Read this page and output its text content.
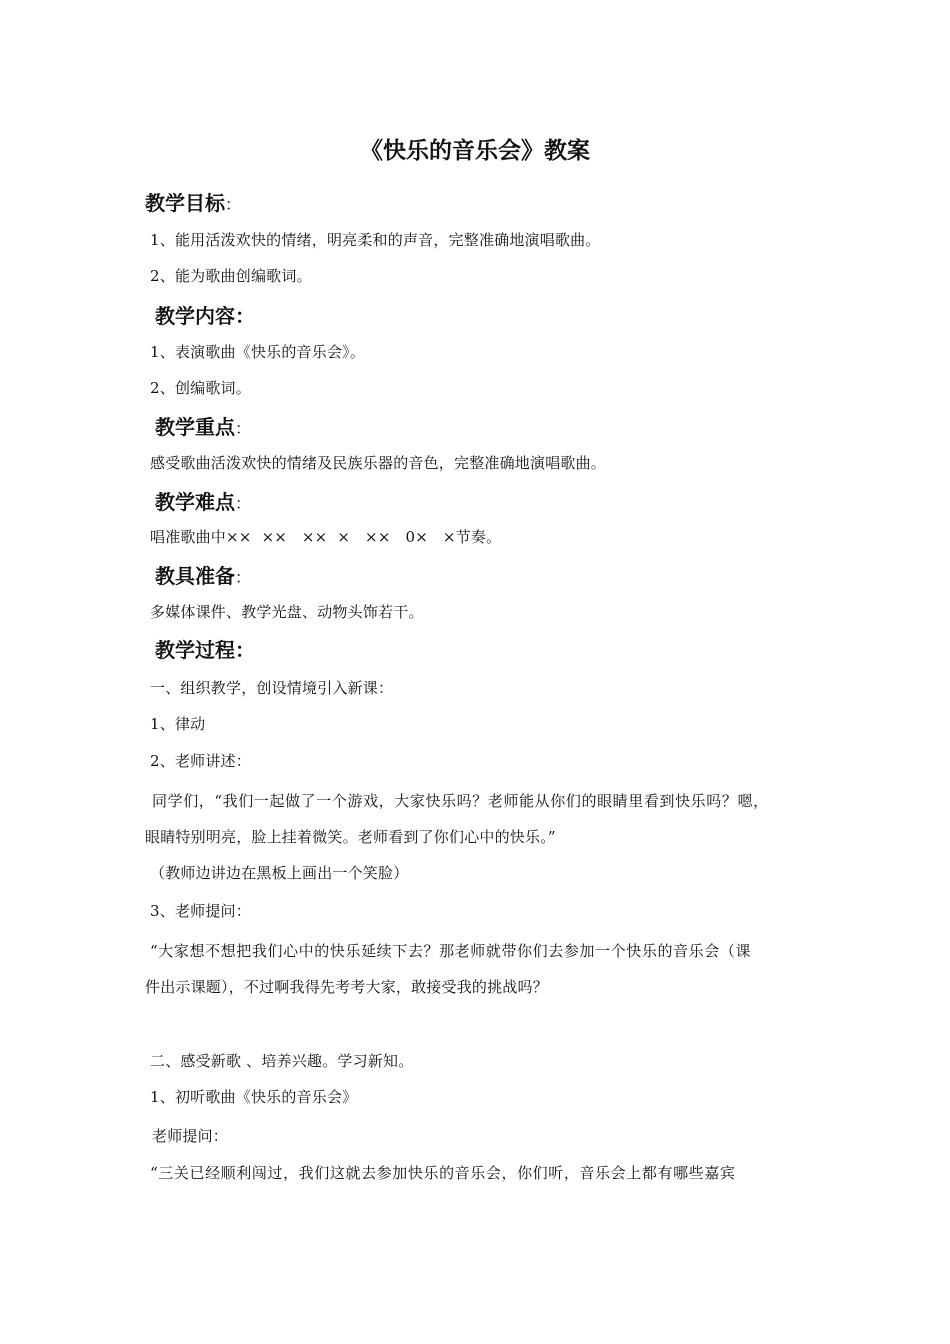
《快乐的音乐会》教案
教学目标：
1、能用活泼欢快的情绪，明亮柔和的声音，完整准确地演唱歌曲。
2、能为歌曲创编歌词。
教学内容：
1、表演歌曲《快乐的音乐会》。
2、创编歌词。
教学重点：
感受歌曲活泼欢快的情绪及民族乐器的音色，完整准确地演唱歌曲。
教学难点：
唱准歌曲中××  ××   ××  ×   ××   0×   ×节奏。
教具准备：
多媒体课件、教学光盘、动物头饰若干。
教学过程：
一、组织教学，创设情境引入新课：
1、律动
2、老师讲述：
同学们，“我们一起做了一个游戏，大家快乐吗？老师能从你们的眼睛里看到快乐吗？嗯，
眼睛特别明亮，脸上挂着微笑。老师看到了你们心中的快乐。”
（教师边讲边在黑板上画出一个笑脸）
3、老师提问：
“大家想不想把我们心中的快乐延续下去？那老师就带你们去参加一个快乐的音乐会（课
件出示课题），不过啊我得先考考大家，敢接受我的挑战吗？
二、感受新歌 、培养兴趣。学习新知。
1、初听歌曲《快乐的音乐会》
老师提问：
“三关已经顺利闯过，我们这就去参加快乐的音乐会，你们听，音乐会上都有哪些嘉宾
